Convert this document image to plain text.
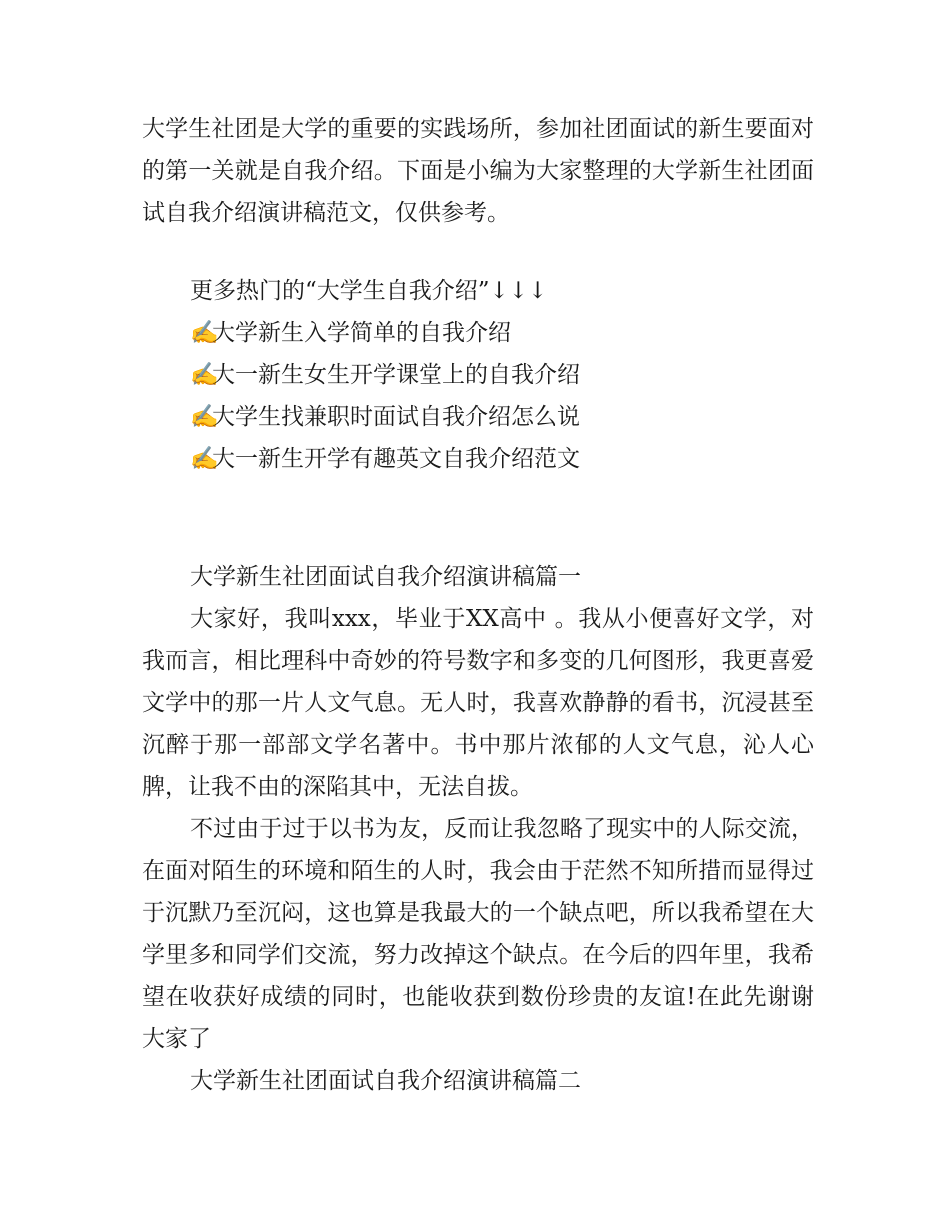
大学生社团是大学的重要的实践场所，参加社团面试的新生要面对的第一关就是自我介绍。下面是小编为大家整理的大学新生社团面试自我介绍演讲稿范文，仅供参考。

更多热门的“大学生自我介绍”↓↓↓

✍大学新生入学简单的自我介绍
✍大一新生女生开学课堂上的自我介绍
✍大学生找兼职时面试自我介绍怎么说
✍大一新生开学有趣英文自我介绍范文

大学新生社团面试自我介绍演讲稿篇一

大家好，我叫xxx，毕业于XX高中 。我从小便喜好文学，对我而言，相比理科中奇妙的符号数字和多变的几何图形，我更喜爱文学中的那一片人文气息。无人时，我喜欢静静的看书，沉浸甚至沉醉于那一部部文学名著中。书中那片浓郁的人文气息，沁人心脾，让我不由的深陷其中，无法自拔。

不过由于过于以书为友，反而让我忽略了现实中的人际交流，在面对陌生的环境和陌生的人时，我会由于茫然不知所措而显得过于沉默乃至沉闷，这也算是我最大的一个缺点吧，所以我希望在大学里多和同学们交流，努力改掉这个缺点。在今后的四年里，我希望在收获好成绩的同时，也能收获到数份珍贵的友谊!在此先谢谢大家了

大学新生社团面试自我介绍演讲稿篇二
